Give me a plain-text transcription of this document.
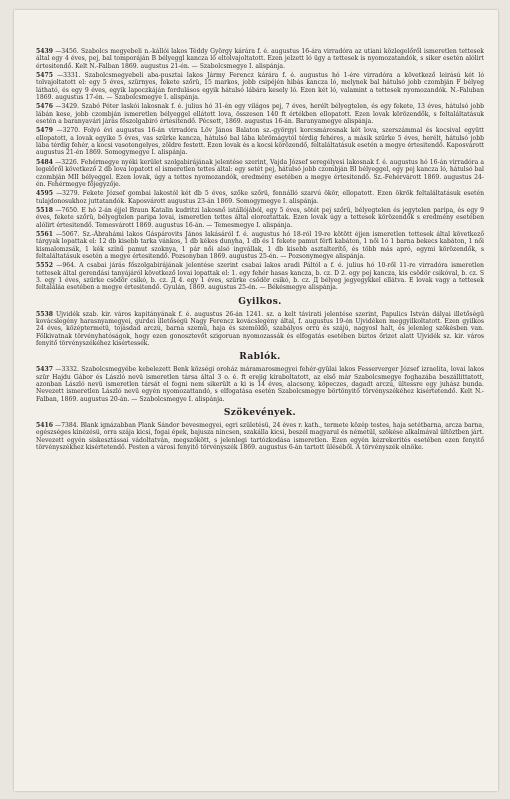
5439 —3456. Szabolcs megyebeli n.-kállói lakos Téddy György kárára f. é. augustus 16-ára virradóra az utiani közlegelőről ismeretlen tettesek által egy 4 éves, pej, bal tomporáján B bélyeggl kancza lő eltolvajoltatott. Ezen jelzett ló ügy a tettesek is nyomozatandók, s siker esetén alólirt értesitendő. Kelt N.-Falban 1869. augustus 21-én. — Szabolcsmegye I. alispánja.

5475 —3331. Szabolcsmegyebeli aba-pusztai lakos Jármy Ferencz kárára f. é. augustus hó 1-ére virradóra a következő leirású két ló tolvajoltatott el: egy 5 éves, szürnyes, fekete szőrü, 15 markos, jobb csipéjén hibás kancza ló, melynek bal hátulsó jobb czombján F bélyeg látható, és egy 9 éves, egyik lapoczkáján fordulásos egyik hátulsó lábára kesely ló. Ezen két ló, valamint a tettesek nyomozandók. N.-Faluban 1869. augustus 17-én. — Szabolcsmegye I. alispánja.

5476 —3429. Szabó Péter laskói lakosnak f. é. julius hó 31-én egy világos pej, 7 éves, herélt bélyegtelen, és egy fekete, 13 éves, hátulsó jobb lábán kese, jobb czombján ismeretlen bélyeggel ellátott lova, összesen 140 ft értékben ellopatott. Ezen lovak körözendők, s feltaláltatásuk esetén a baranyavári járás főszolgabiró értesitendő. Pécsett, 1869. augustus 16-án. Baranyamegye alispánja.

5479 —3270. Folyó évi augustus 16-án virradóra Löv János Balaton sz.-györgyi korcsmárosnak két lova, szerszámmal és kocsival együtt ellopatott, a lovak egyike 5 éves, vas szürke kancza, hátulsó bal lába körömágytól térdig fehéres, a másik szürke 5 éves, herélt, hátulsó jobb lába térdig fehér, a kocsi vasotengelyes, zöldre festett. Ezen lovak és a kocsi körözendő, feltaláltatásuk esetén a megye értesitendő. Kaposvárott augustus 21-én 1869. Somogymegye I. alispánja.

5484 —3226. Fehérmegye nyéki kerület szolgabirájának jelentése szerint, Vajda József seregélyesi lakosnak f. é. augustus hó 16-án virradóra a legelőről következő 2 db lova lopatott el ismeretlen tettes által: egy setét pej, hátulsó jobb czombján BI bélyeggel, egy pej kancza ló, hátulsó bal czombján MII bélyeggel. Ezen lovak, úgy a tettes nyomozandók, eredmény esetében a megye értesitendő. Sz.-Fehérvárott 1869. augustus 24-én. Fehérmegye főjegyzője.

4595 —3279. Fekete József gombai lakostól két db 5 éves, szőke szőrü, fennálló szarvú ökör, ellopatott. Ezen ökrök feltaláltatásuk esetén tulajdonosukhoz juttatandók. Kaposvárott augustus 23-án 1869. Somogymegye I. alispánja.

5518 —7650. E hó 2-án éjjel Braun Katalin kudritzi lakosnő istállójából, egy 5 éves, sötét pej szőrü, bélyegtelen és jegytelen paripa, és egy 9 éves, fekete szőrü, bélyegtelen paripa lovai, ismeretlen tettes által eloroztattak. Ezen lovak úgy a tettesek körözendők s eredmény esetében alólirt értesitendő. Temesvárott 1869. augustus 16-án. — Temesmegye I. alispánja.

5561 —5067. Sz.-Ábrahámi lakos Gáspárovits János lakásáról f. é. augustus hó 18-ról 19-re kötött éjjen ismeretlen tettesek által következő tárgyak lopattak el: 12 db kisebb tarka vánkos, 1 db kékes dunyha, 1 db és 1 fekete pamut férfi kabáton, 1 női 1ó 1 barna bekecs kabáton, 1 női kismalomzsák, 1 kék színű pamut szoknya, 1 pár női alsó ingvállak, 1 db kisebb asztalterítő, és több más apró, egymi körözendők, s feltaláltatásuk esetén a megye értesitendő. Pozsonyban 1869. augustus 25-én. — Pozsonymegye alispánja.

5552 —964. A csabai járás főszolgabirájának jelentése szerint csabai lakos aradi Páltól a f. é. julius hó 10-ről 11-re virradóra ismeretlen tettesek által gerendási tanyájáról következő lovai lopattak el: 1. egy fehér hasas kancza, b. cz. D 2. egy pej kancza, kis csödör csikóval, b. cz. S 3. egy 1 éves, szürke csödör csikó, b. cz. Д 4. egy 1 éves, szürke csődör csikó, b. cz. Д bélyeg jegyegykkel ellátva. E lovak vagy a tettesek feltaláláa esetében a megye értesitendő. Gyulán, 1869. augustus 25-én. — Békésmegye alispánja.

Gyilkos.

5538 Ujvidék szab. kir. város kapitányának f. é. augustus 26-án 1241. sz. a kelt távirati jelentése szerint, Papulics István dályai illetőségü kovácslegény harasnyamegyei, gurdei illetőségü Nagy Ferencz kovácslegény által, f. augustus 19-én Ujvidéken meggyilkoltatott. Ezen gyilkos 24 éves, középtermetü, tojásdad arczú, barna szemü, haja és szemöldö, szabályos orrú és szájú, nagyosl halt, és jelenleg szökésben van. Fölkivatnak törvényhatóságok, hogy ezen gonosztevőt szigoruan nyomozassák és elfogatás esetében biztos őrizet alatt Ujvidék sz. kir. város fenyitő törvényszékéhez kisértessék.

Rablók.

5437 —3332. Szabolcsmegyébe kebelezett Benk községi oroház máramarosmegyei fehér-gyülai lakos Fesserverger József izraelita, lovai lakos szür Hajdu Gábor és László nevü ismeretlen társa által 3 o. é. ft erejig kiraboltatott, az első már Szabolcsmegye foghazába beszállittatott, azonban László nevü ismeretlen társát el fogni nem sikerült a ki is 14 éves, alacsony, köpeczes, dagadt arczú, ültessre egy juhász bunda. Nevezett ismeretlen László nevü egyén nyomozattandó, s elfogatása esetén Szabolcsmegye börtönyitő törvényszékéhez kisértetendő. Kelt N.-Falban, 1869. augustus 20-án. — Szabolcsmegye I. alispánja.

Szökevények.

5416 —7384. Blank ignázabban Plank Sándor bevesmegyei, egri születésü, 24 éves r. kath., termete közép testes, haja setétbarna, arcza barna, egészséges kinézésü, orra szája kicsi, fogai épek, bajusza nincsen, szakálla kicsi, beszél magyarul és németül, szökése alkalmával ültöztben járt. Nevezett egyén siskesztássai vádoltatván, megszökött, s jelenlegi tartózkodása ismeretlen. Ezen egyén kézrekerités esetében ezen fenyitő törvényszékhez kisértetendő. Pesten a városi fenyitő törvényszék 1869. augustus 6-án tartott üléséből. A törvényszék elnöke.
